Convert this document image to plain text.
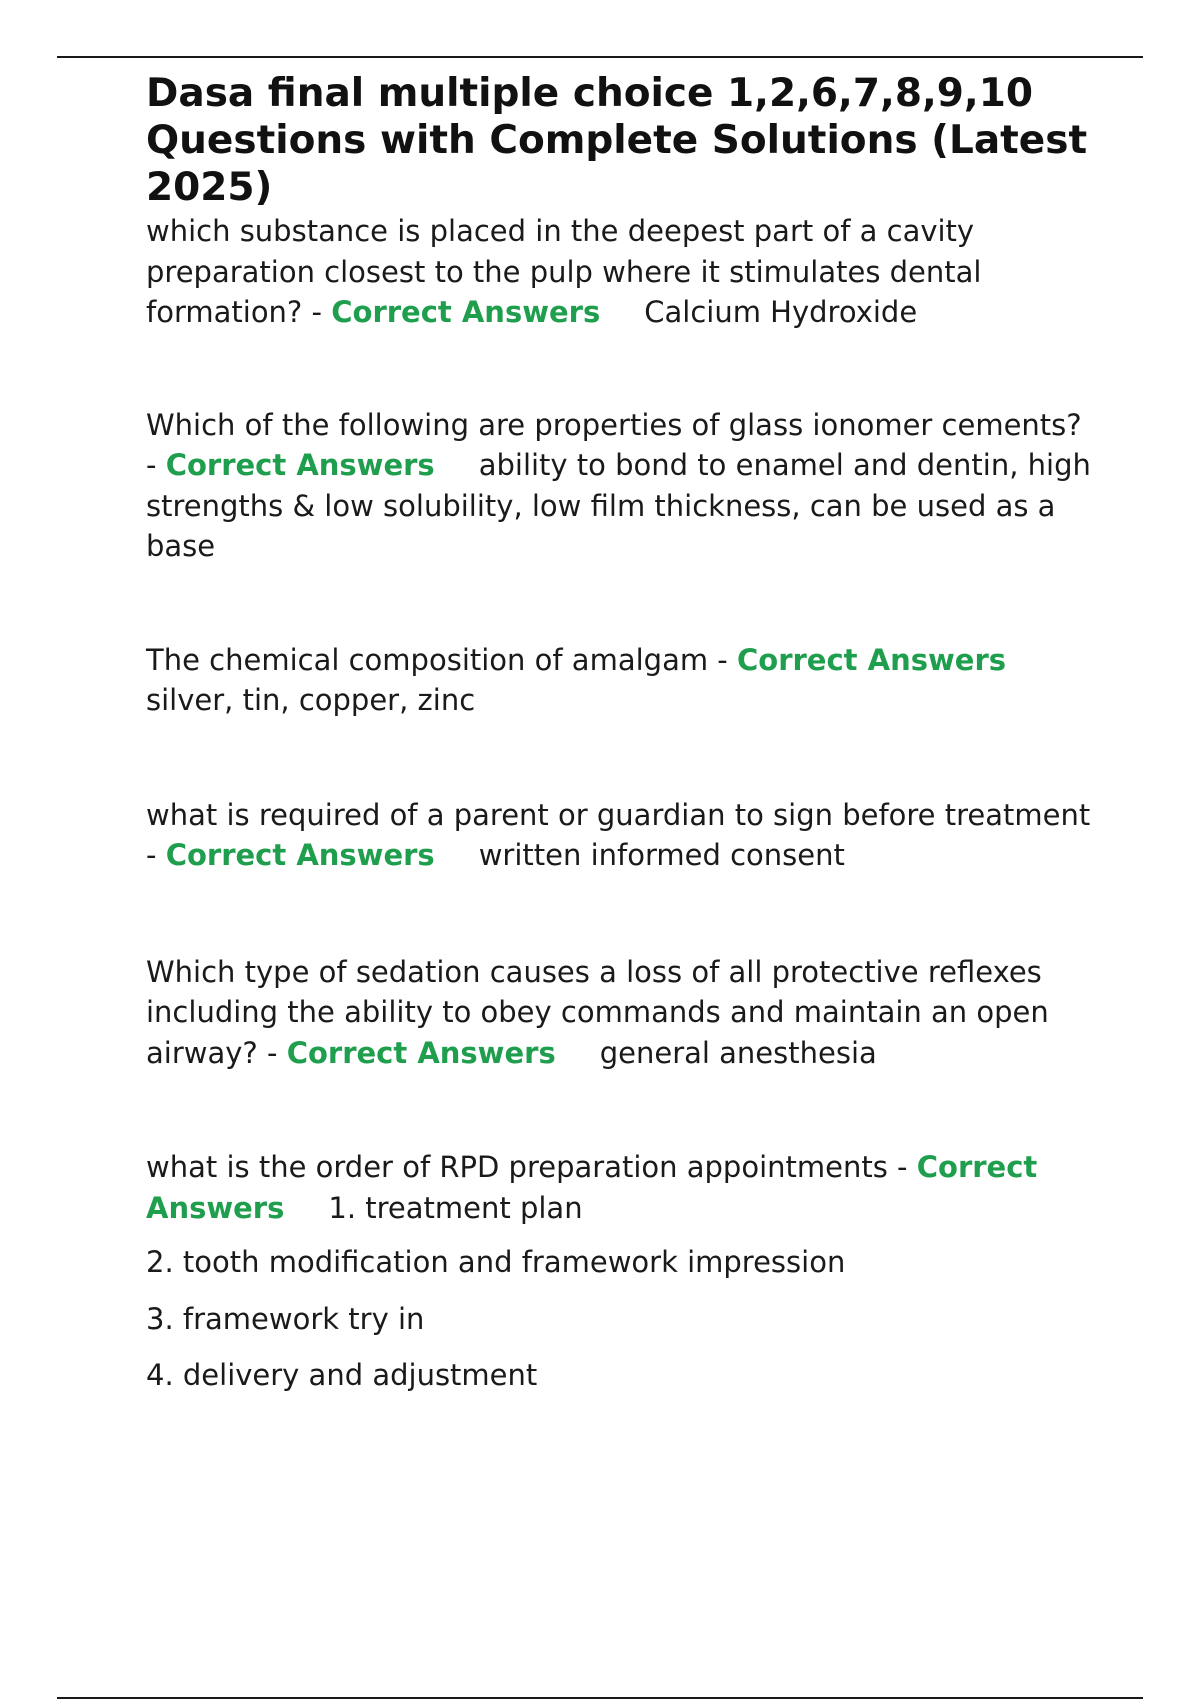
Dasa final multiple choice 1,2,6,7,8,9,10 Questions with Complete Solutions (Latest 2025)

which substance is placed in the deepest part of a cavity preparation closest to the pulp where it stimulates dental formation? - Correct Answers Calcium Hydroxide

Which of the following are properties of glass ionomer cements? - Correct Answers ability to bond to enamel and dentin, high strengths & low solubility, low film thickness, can be used as a base

The chemical composition of amalgam - Correct Answerssilver, tin, copper, zinc

what is required of a parent or guardian to sign before treatment - Correct Answers written informed consent

Which type of sedation causes a loss of all protective reflexes including the ability to obey commands and maintain an open airway? - Correct Answers general anesthesia

what is the order of RPD preparation appointments - Correct Answers 1. treatment plan

2. tooth modification and framework impression

3. framework try in

4. delivery and adjustment
